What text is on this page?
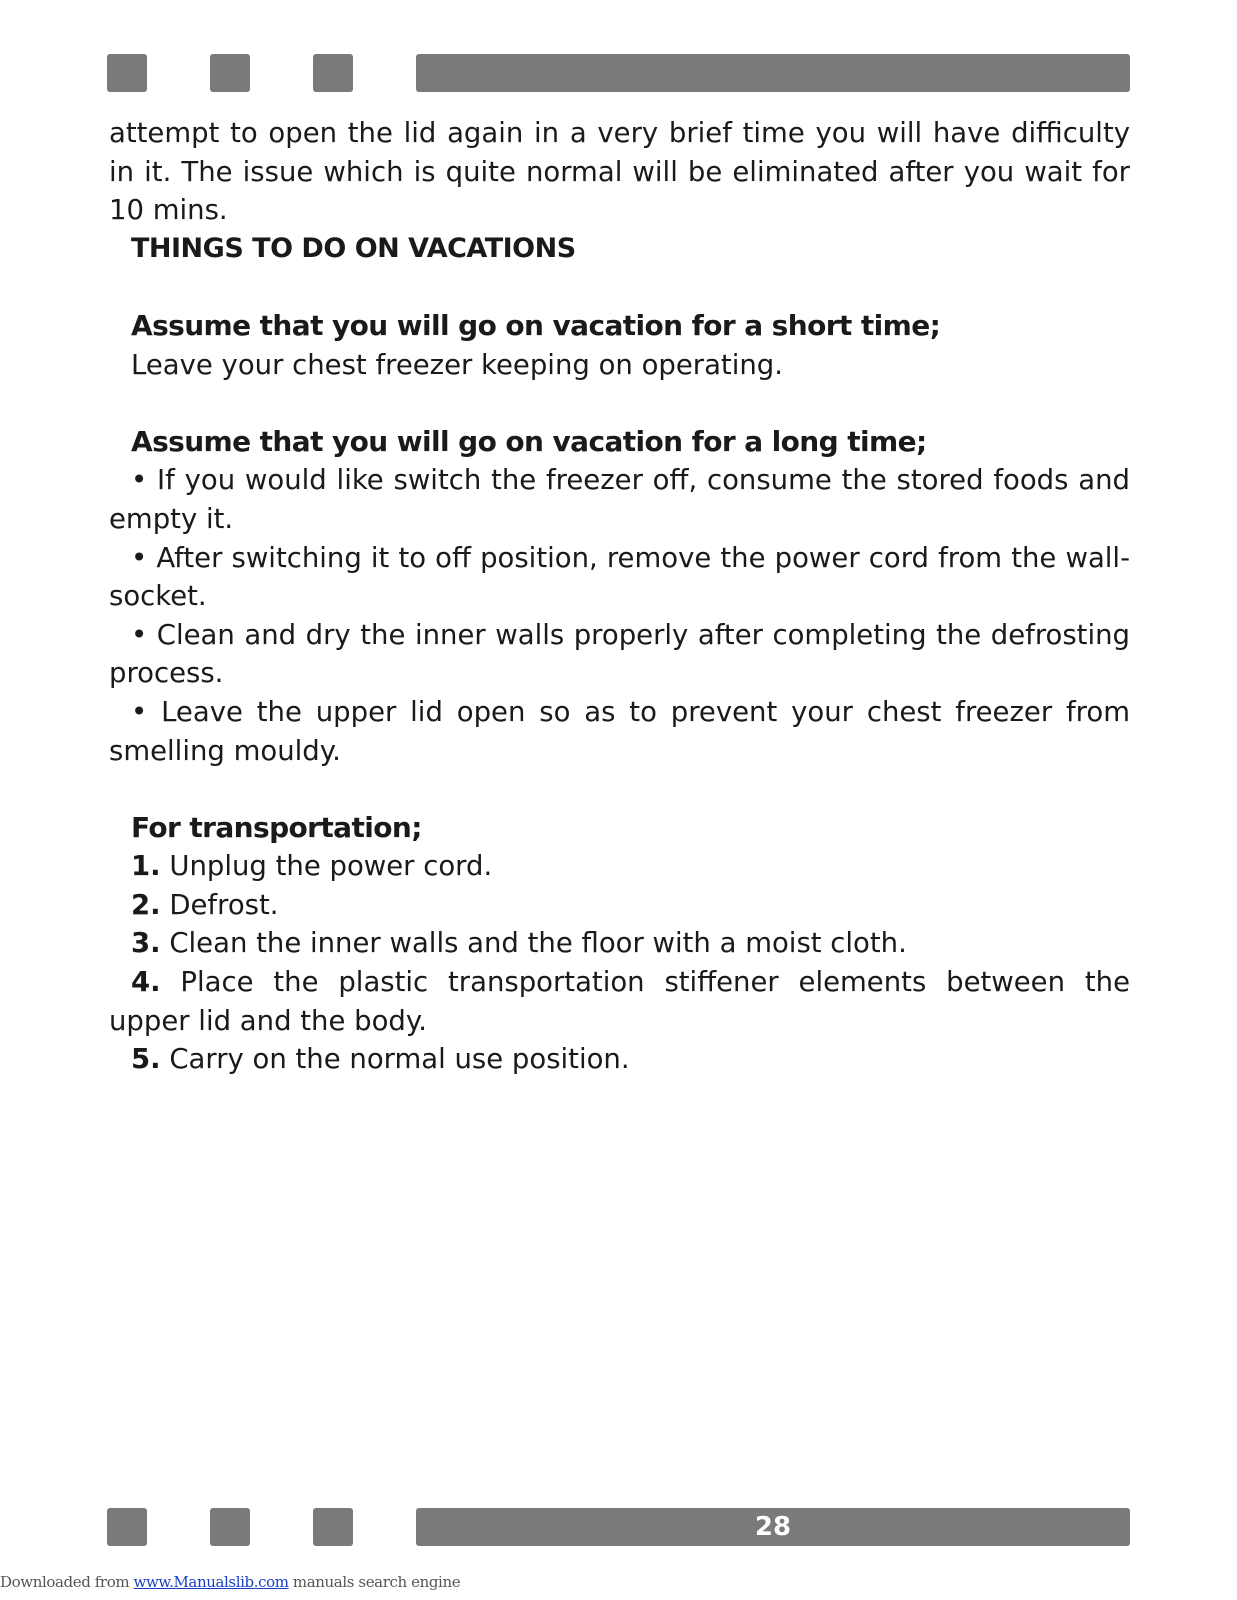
attempt to open the lid again in a very brief time you will have difficulty in it. The issue which is quite normal will be eliminated after you wait for 10 mins.

THINGS TO DO ON VACATIONS

Assume that you will go on vacation for a short time;

Leave your chest freezer keeping on operating.

Assume that you will go on vacation for a long time;

• If you would like switch the freezer off, consume the stored foods and empty it.

• After switching it to off position, remove the power cord from the wall-socket.

• Clean and dry the inner walls properly after completing the defrosting process.

• Leave the upper lid open so as to prevent your chest freezer from smelling mouldy.

For transportation;

1. Unplug the power cord.

2. Defrost.

3. Clean the inner walls and the floor with a moist cloth.

4. Place the plastic transportation stiffener elements between the upper lid and the body.

5. Carry on the normal use position.

28
Downloaded from www.Manualslib.com manuals search engine
